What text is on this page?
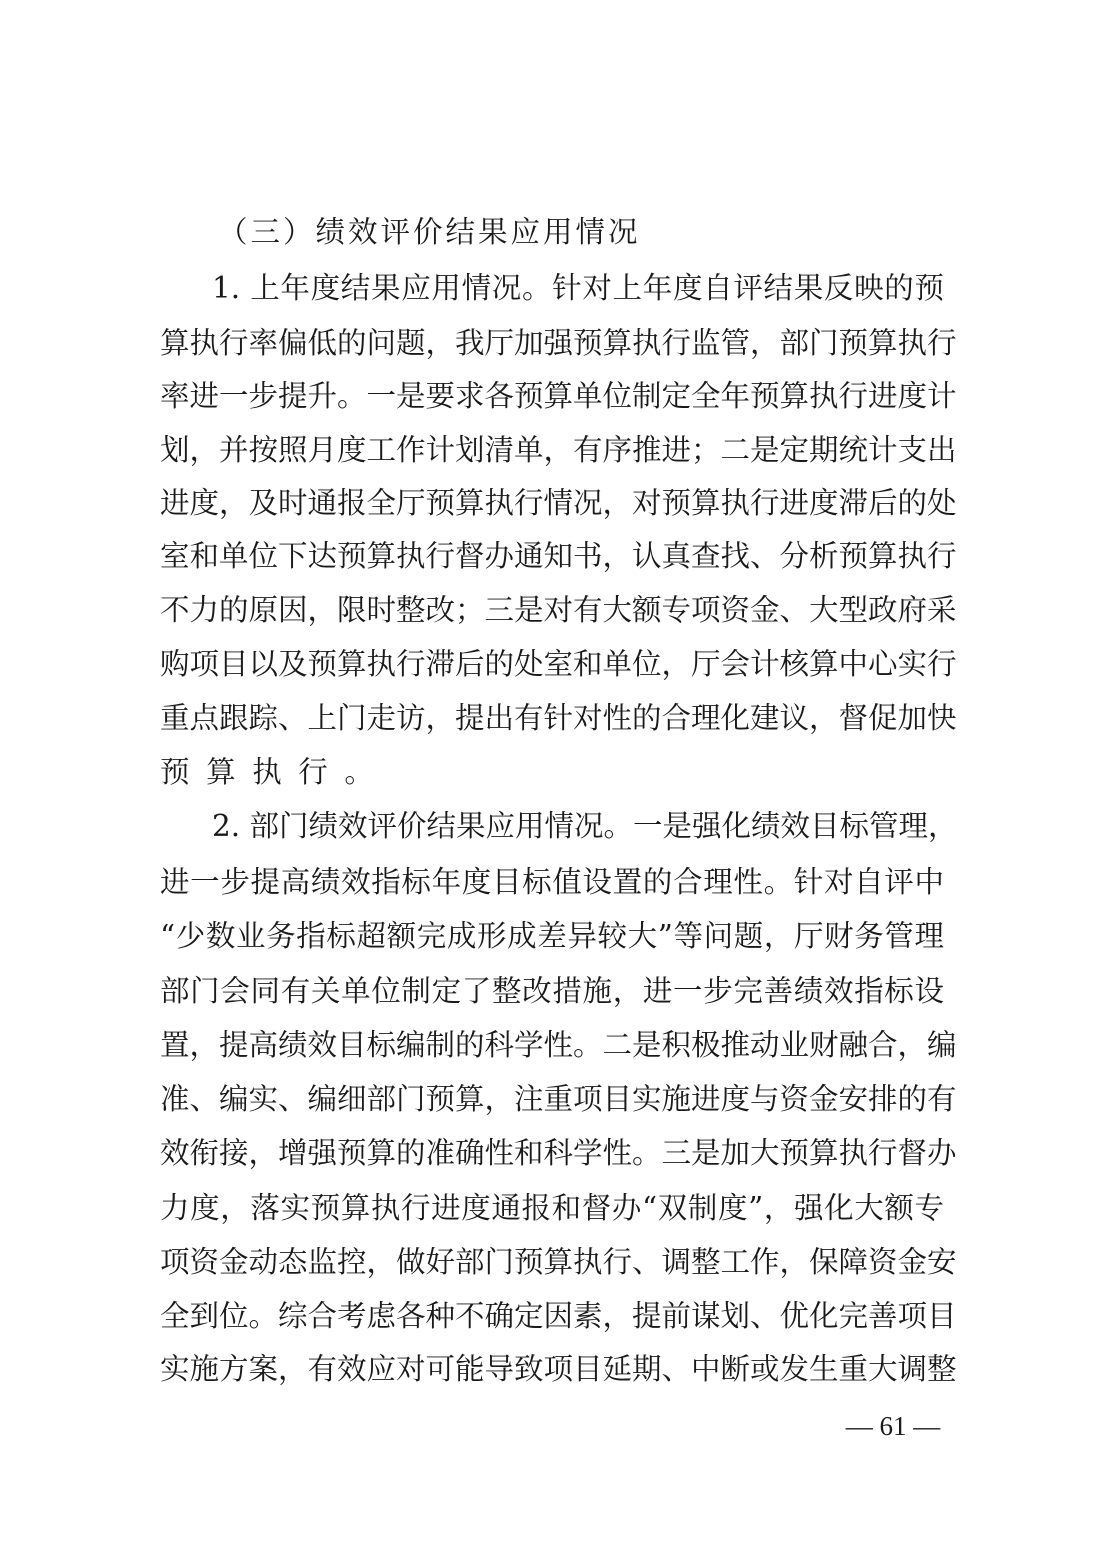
（三）绩效评价结果应用情况
1. 上年度结果应用情况。针对上年度自评结果反映的预
算执行率偏低的问题，我厅加强预算执行监管，部门预算执行
率进一步提升。一是要求各预算单位制定全年预算执行进度计
划，并按照月度工作计划清单，有序推进；二是定期统计支出
进度，及时通报全厅预算执行情况，对预算执行进度滞后的处
室和单位下达预算执行督办通知书，认真查找、分析预算执行
不力的原因，限时整改；三是对有大额专项资金、大型政府采
购项目以及预算执行滞后的处室和单位，厅会计核算中心实行
重点跟踪、上门走访，提出有针对性的合理化建议，督促加快
预算执行。
2. 部门绩效评价结果应用情况。一是强化绩效目标管理，
进一步提高绩效指标年度目标值设置的合理性。针对自评中
“少数业务指标超额完成形成差异较大”等问题，厅财务管理
部门会同有关单位制定了整改措施，进一步完善绩效指标设
置，提高绩效目标编制的科学性。二是积极推动业财融合，编
准、编实、编细部门预算，注重项目实施进度与资金安排的有
效衔接，增强预算的准确性和科学性。三是加大预算执行督办
力度，落实预算执行进度通报和督办“双制度”，强化大额专
项资金动态监控，做好部门预算执行、调整工作，保障资金安
全到位。综合考虑各种不确定因素，提前谋划、优化完善项目
实施方案，有效应对可能导致项目延期、中断或发生重大调整
— 61 —
